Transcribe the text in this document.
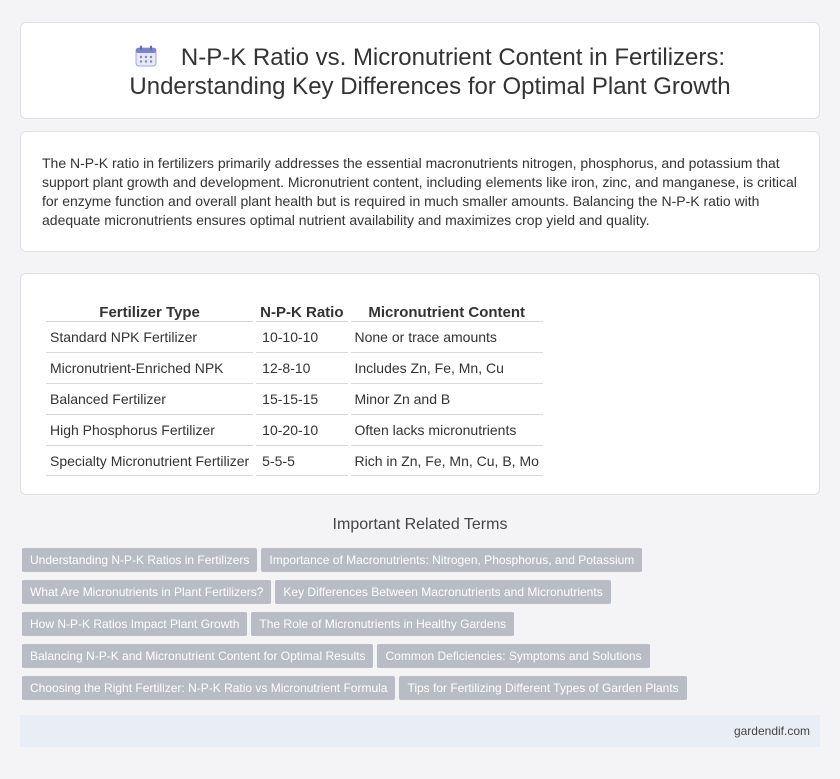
N-P-K Ratio vs. Micronutrient Content in Fertilizers: Understanding Key Differences for Optimal Plant Growth

The N-P-K ratio in fertilizers primarily addresses the essential macronutrients nitrogen, phosphorus, and potassium that support plant growth and development. Micronutrient content, including elements like iron, zinc, and manganese, is critical for enzyme function and overall plant health but is required in much smaller amounts. Balancing the N-P-K ratio with adequate micronutrients ensures optimal nutrient availability and maximizes crop yield and quality.

Fertilizer Type	N-P-K Ratio	Micronutrient Content
Standard NPK Fertilizer	10-10-10	None or trace amounts
Micronutrient-Enriched NPK	12-8-10	Includes Zn, Fe, Mn, Cu
Balanced Fertilizer	15-15-15	Minor Zn and B
High Phosphorus Fertilizer	10-20-10	Often lacks micronutrients
Specialty Micronutrient Fertilizer	5-5-5	Rich in Zn, Fe, Mn, Cu, B, Mo
Important Related Terms
Understanding N-P-K Ratios in Fertilizers Importance of Macronutrients: Nitrogen, Phosphorus, and Potassium
What Are Micronutrients in Plant Fertilizers? Key Differences Between Macronutrients and Micronutrients
How N-P-K Ratios Impact Plant Growth The Role of Micronutrients in Healthy Gardens
Balancing N-P-K and Micronutrient Content for Optimal Results Common Deficiencies: Symptoms and Solutions
Choosing the Right Fertilizer: N-P-K Ratio vs Micronutrient Formula Tips for Fertilizing Different Types of Garden Plants
gardendif.com
